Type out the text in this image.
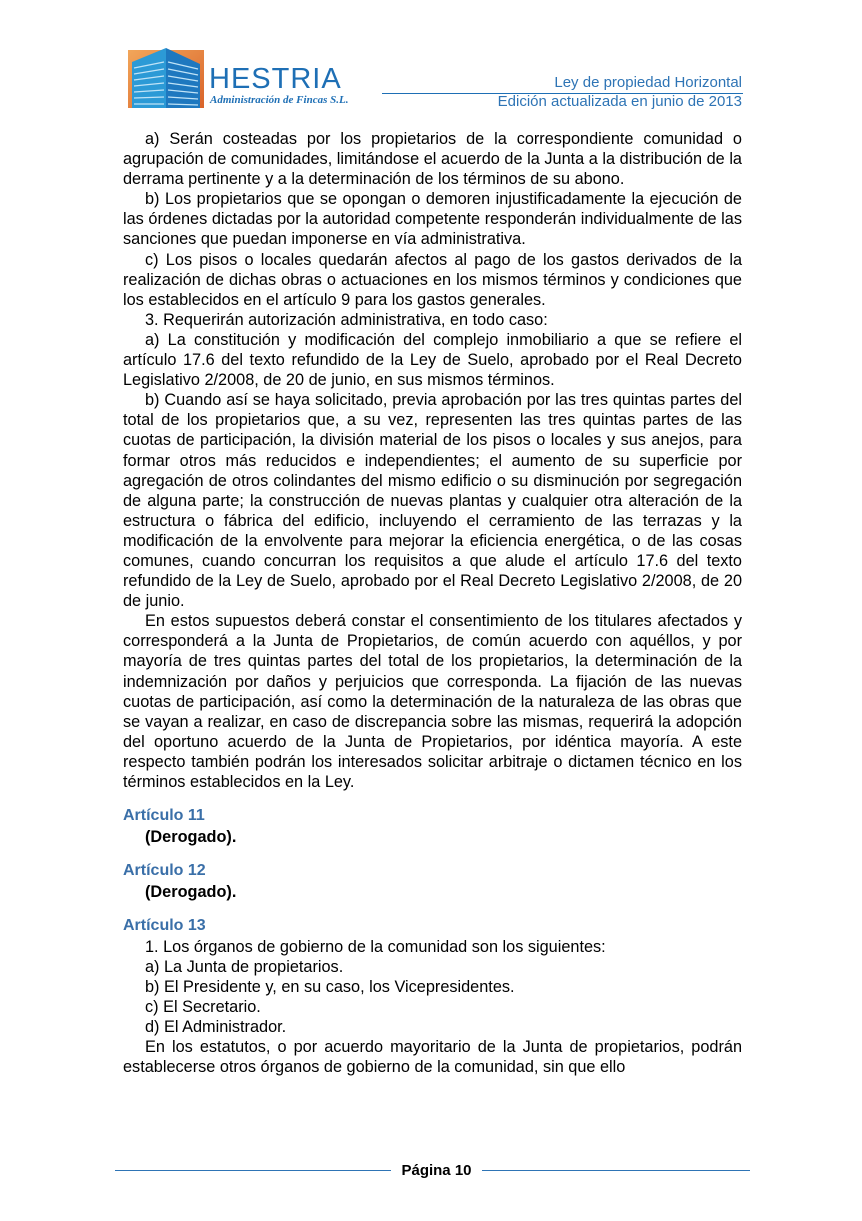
HESTRIA
Administración de Fincas S.L.
Ley de propiedad Horizontal
Edición actualizada en junio de 2013

a) Serán costeadas por los propietarios de la correspondiente comunidad o agrupación de comunidades, limitándose el acuerdo de la Junta a la distribución de la derrama pertinente y a la determinación de los términos de su abono.

b) Los propietarios que se opongan o demoren injustificadamente la ejecución de las órdenes dictadas por la autoridad competente responderán individualmente de las sanciones que puedan imponerse en vía administrativa.

c) Los pisos o locales quedarán afectos al pago de los gastos derivados de la realización de dichas obras o actuaciones en los mismos términos y condiciones que los establecidos en el artículo 9 para los gastos generales.

3. Requerirán autorización administrativa, en todo caso:

a) La constitución y modificación del complejo inmobiliario a que se refiere el artículo 17.6 del texto refundido de la Ley de Suelo, aprobado por el Real Decreto Legislativo 2/2008, de 20 de junio, en sus mismos términos.

b) Cuando así se haya solicitado, previa aprobación por las tres quintas partes del total de los propietarios que, a su vez, representen las tres quintas partes de las cuotas de participación, la división material de los pisos o locales y sus anejos, para formar otros más reducidos e independientes; el aumento de su superficie por agregación de otros colindantes del mismo edificio o su disminución por segregación de alguna parte; la construcción de nuevas plantas y cualquier otra alteración de la estructura o fábrica del edificio, incluyendo el cerramiento de las terrazas y la modificación de la envolvente para mejorar la eficiencia energética, o de las cosas comunes, cuando concurran los requisitos a que alude el artículo 17.6 del texto refundido de la Ley de Suelo, aprobado por el Real Decreto Legislativo 2/2008, de 20 de junio.

En estos supuestos deberá constar el consentimiento de los titulares afectados y corresponderá a la Junta de Propietarios, de común acuerdo con aquéllos, y por mayoría de tres quintas partes del total de los propietarios, la determinación de la indemnización por daños y perjuicios que corresponda. La fijación de las nuevas cuotas de participación, así como la determinación de la naturaleza de las obras que se vayan a realizar, en caso de discrepancia sobre las mismas, requerirá la adopción del oportuno acuerdo de la Junta de Propietarios, por idéntica mayoría. A este respecto también podrán los interesados solicitar arbitraje o dictamen técnico en los términos establecidos en la Ley.

Artículo 11

(Derogado).

Artículo 12

(Derogado).

Artículo 13

1. Los órganos de gobierno de la comunidad son los siguientes:

a) La Junta de propietarios.

b) El Presidente y, en su caso, los Vicepresidentes.

c) El Secretario.

d) El Administrador.

En los estatutos, o por acuerdo mayoritario de la Junta de propietarios, podrán establecerse otros órganos de gobierno de la comunidad, sin que ello

Página 10
